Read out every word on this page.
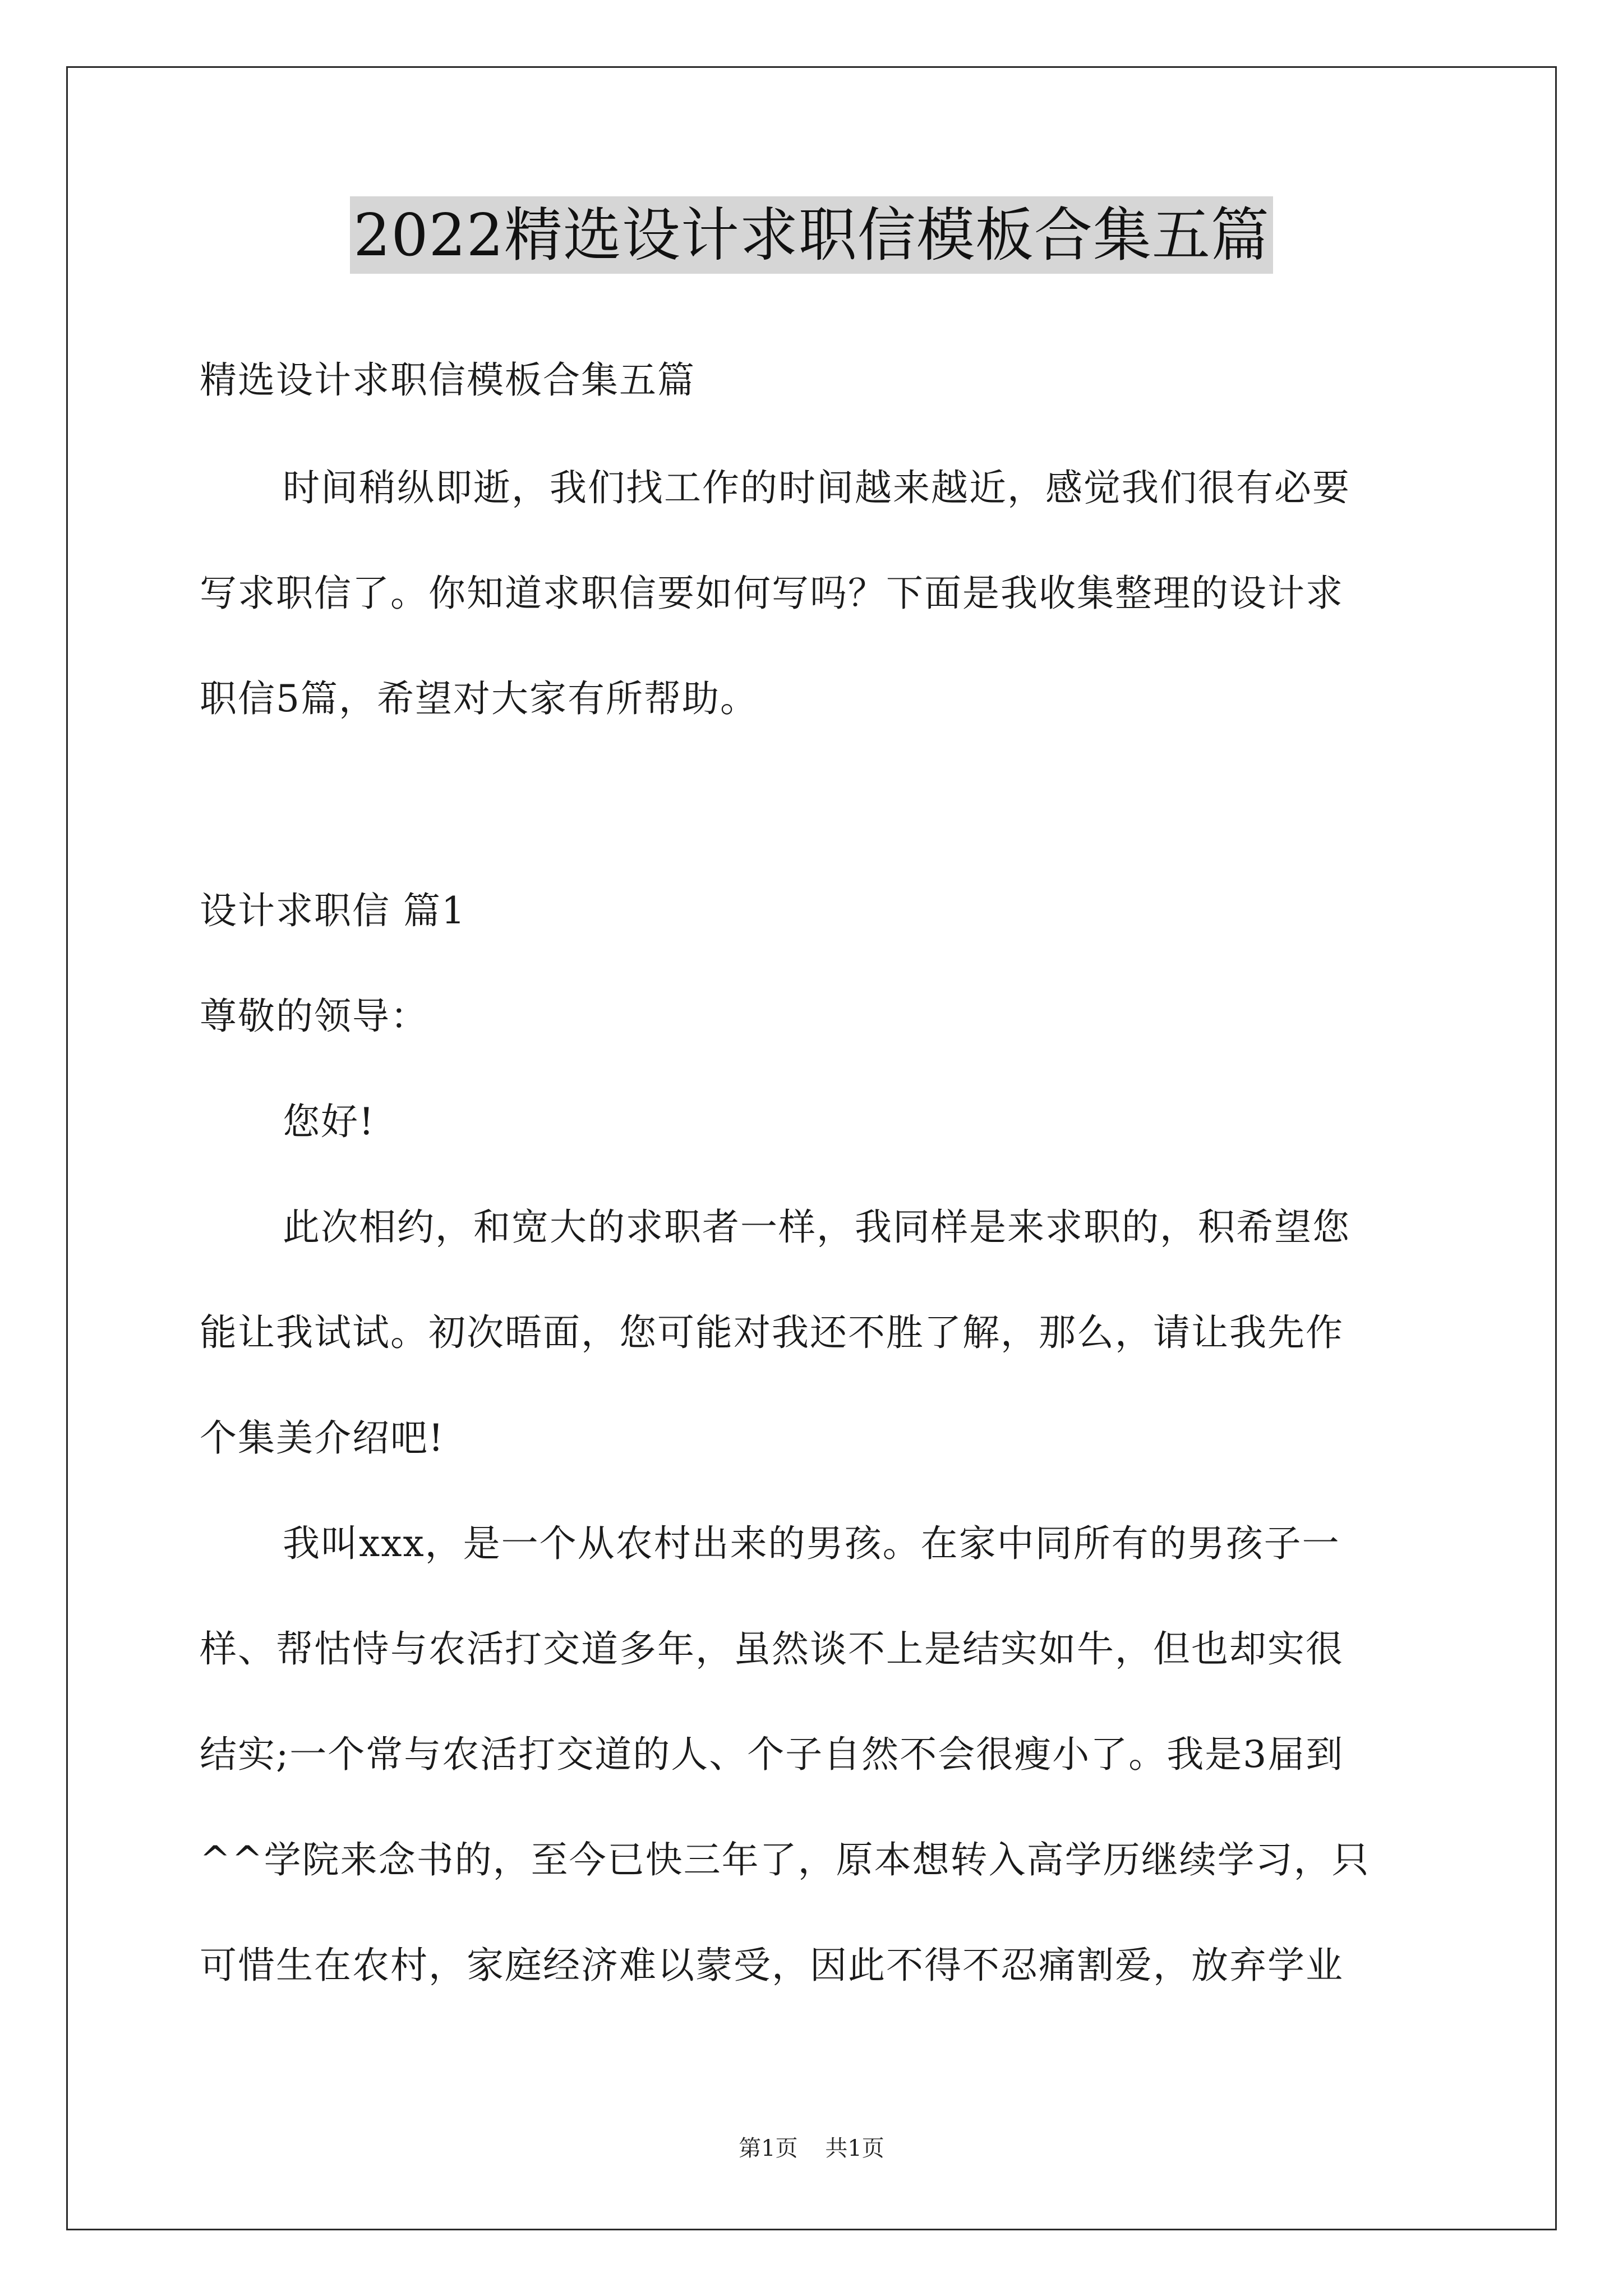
2022精选设计求职信模板合集五篇
精选设计求职信模板合集五篇
时间稍纵即逝，我们找工作的时间越来越近，感觉我们很有必要
写求职信了。你知道求职信要如何写吗？下面是我收集整理的设计求
职信5篇，希望对大家有所帮助。
设计求职信 篇1
尊敬的领导：
您好!
此次相约，和宽大的求职者一样，我同样是来求职的，积希望您
能让我试试。初次晤面，您可能对我还不胜了解，那么，请让我先作
个集美介绍吧!
我叫xxx，是一个从农村出来的男孩。在家中同所有的男孩子一
样、帮怙恃与农活打交道多年，虽然谈不上是结实如牛，但也却实很
结实;一个常与农活打交道的人、个子自然不会很瘦小了。我是3届到
^^学院来念书的，至今已快三年了，原本想转入高学历继续学习，只
可惜生在农村，家庭经济难以蒙受，因此不得不忍痛割爱，放弃学业
第1页 共1页
